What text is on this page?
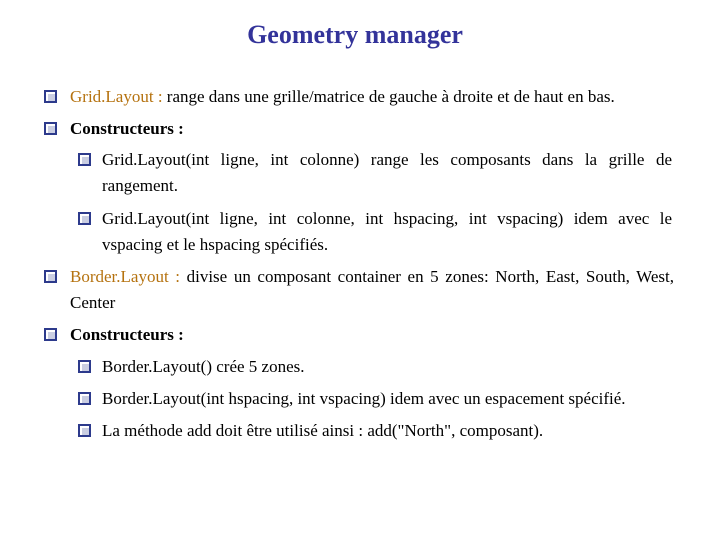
Geometry manager
Grid.Layout : range dans une grille/matrice de gauche à droite et de haut en bas.
Constructeurs :
Grid.Layout(int ligne, int colonne) range les composants dans la grille de rangement.
Grid.Layout(int ligne, int colonne, int hspacing, int vspacing) idem avec le vspacing et le hspacing spécifiés.
Border.Layout : divise un composant container en 5 zones: North, East, South, West, Center
Constructeurs :
Border.Layout() crée 5 zones.
Border.Layout(int hspacing, int vspacing) idem avec un espacement spécifié.
La méthode add doit être utilisé ainsi : add("North", composant).
